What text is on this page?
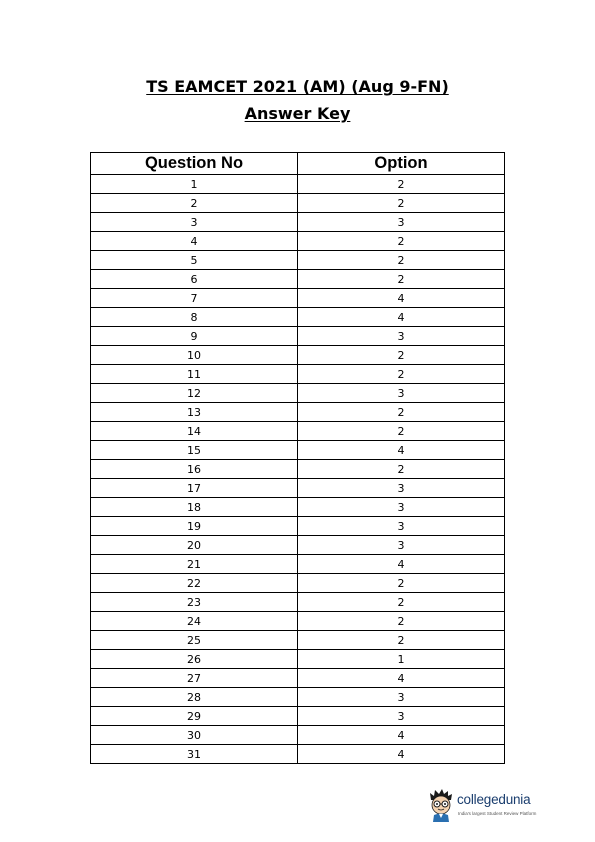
TS EAMCET 2021 (AM) (Aug 9-FN)
Answer Key
Question No	Option
1	2
2	2
3	3
4	2
5	2
6	2
7	4
8	4
9	3
10	2
11	2
12	3
13	2
14	2
15	4
16	2
17	3
18	3
19	3
20	3
21	4
22	2
23	2
24	2
25	2
26	1
27	4
28	3
29	3
30	4
31	4
collegedunia
India's largest Student Review Platform
